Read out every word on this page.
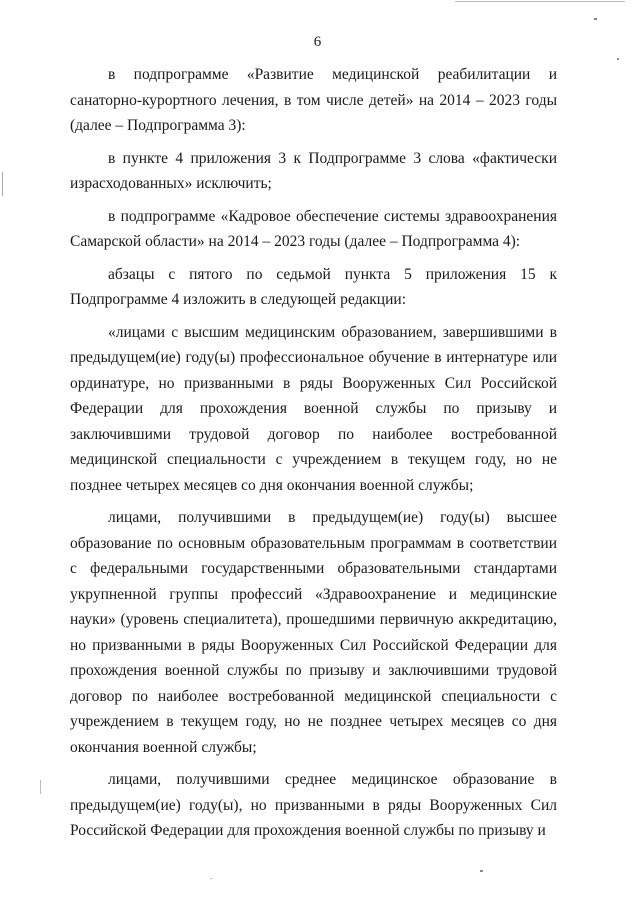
6

в подпрограмме «Развитие медицинской реабилитации и санаторно-курортного лечения, в том числе детей» на 2014 – 2023 годы (далее – Подпрограмма 3):

в пункте 4 приложения 3 к Подпрограмме 3 слова «фактически израсходованных» исключить;

в подпрограмме «Кадровое обеспечение системы здравоохранения Самарской области» на 2014 – 2023 годы (далее – Подпрограмма 4):

абзацы с пятого по седьмой пункта 5 приложения 15 к Подпрограмме 4 изложить в следующей редакции:

«лицами с высшим медицинским образованием, завершившими в предыдущем(ие) году(ы) профессиональное обучение в интернатуре или ординатуре, но призванными в ряды Вооруженных Сил Российской Федерации для прохождения военной службы по призыву и заключившими трудовой договор по наиболее востребованной медицинской специальности с учреждением в текущем году, но не позднее четырех месяцев со дня окончания военной службы;

лицами, получившими в предыдущем(ие) году(ы) высшее образование по основным образовательным программам в соответствии с федеральными государственными образовательными стандартами укрупненной группы профессий «Здравоохранение и медицинские науки» (уровень специалитета), прошедшими первичную аккредитацию, но призванными в ряды Вооруженных Сил Российской Федерации для прохождения военной службы по призыву и заключившими трудовой договор по наиболее востребованной медицинской специальности с учреждением в текущем году, но не позднее четырех месяцев со дня окончания военной службы;

лицами, получившими среднее медицинское образование в предыдущем(ие) году(ы), но призванными в ряды Вооруженных Сил Российской Федерации для прохождения военной службы по призыву и
